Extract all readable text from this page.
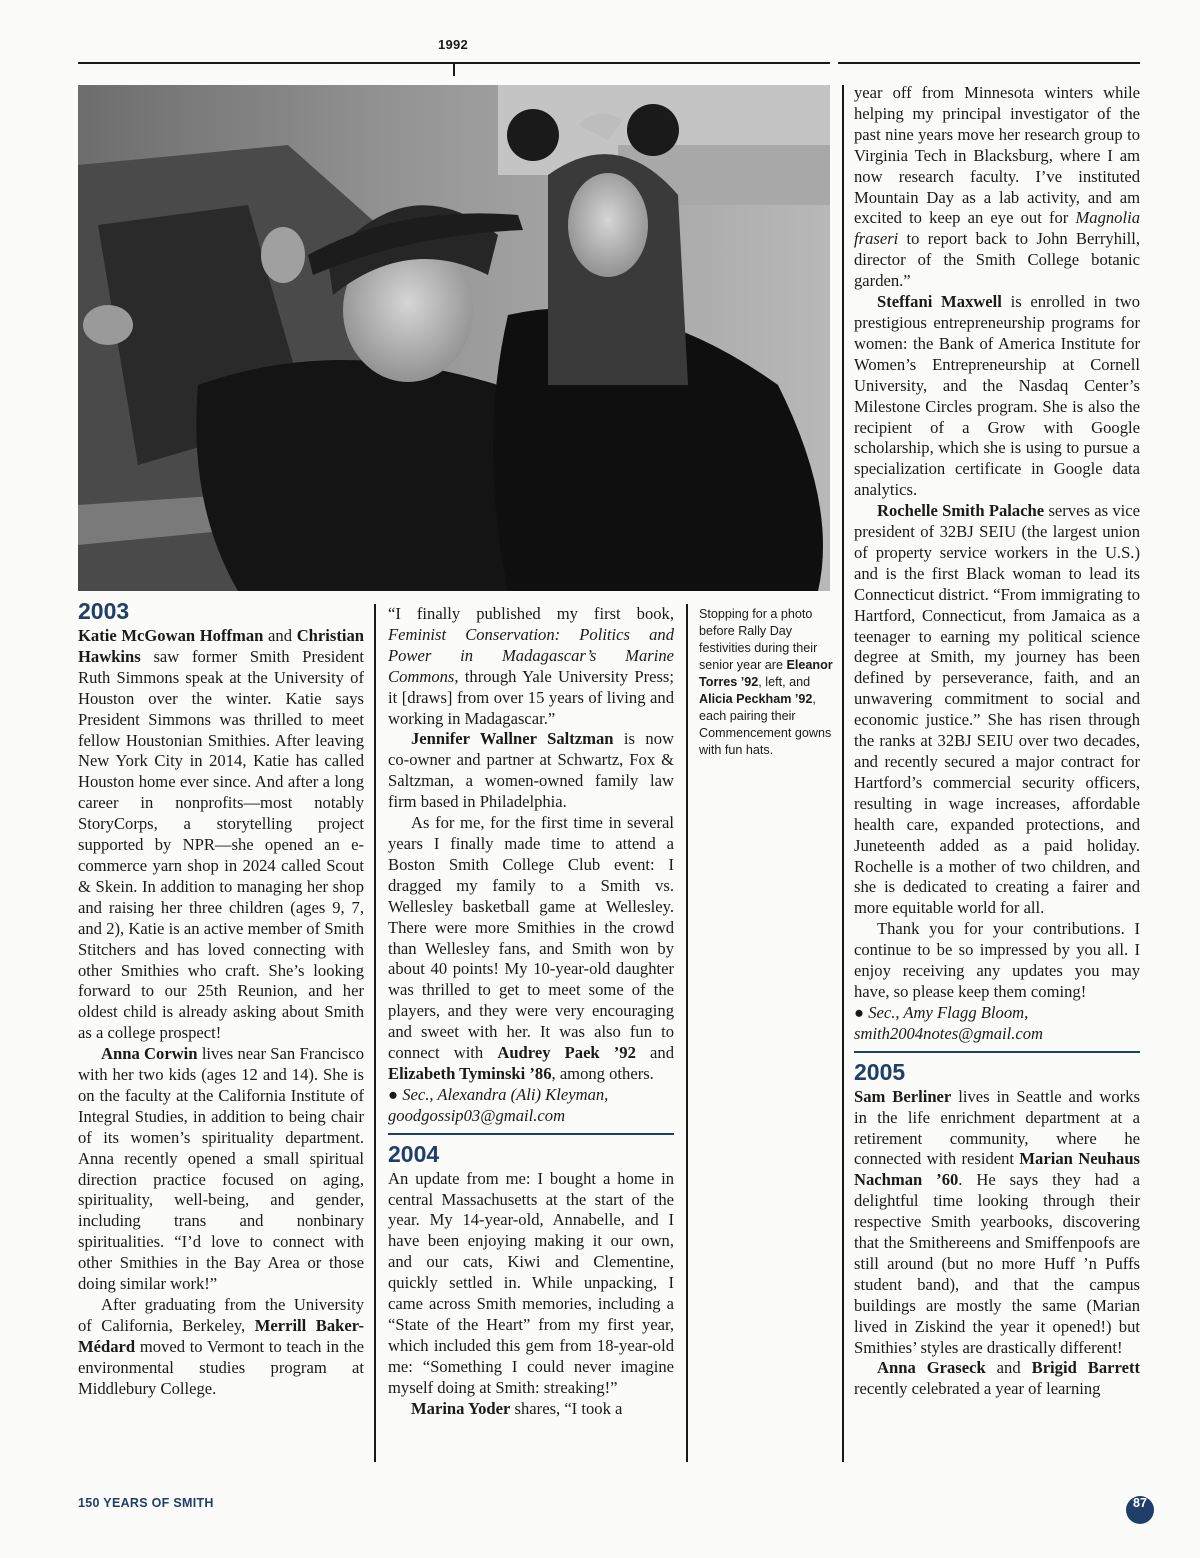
1992
2003

Katie McGowan Hoffman and Christian Hawkins saw former Smith President Ruth Simmons speak at the University of Houston over the winter. Katie says President Simmons was thrilled to meet fellow Houstonian Smithies. After leaving New York City in 2014, Katie has called Houston home ever since. And after a long career in nonprofits—most notably StoryCorps, a storytelling project supported by NPR—she opened an e-commerce yarn shop in 2024 called Scout & Skein. In addition to managing her shop and raising her three children (ages 9, 7, and 2), Katie is an active member of Smith Stitchers and has loved connecting with other Smithies who craft. She’s looking forward to our 25th Reunion, and her oldest child is already asking about Smith as a college prospect!

Anna Corwin lives near San Francisco with her two kids (ages 12 and 14). She is on the faculty at the California Institute of Integral Studies, in addition to being chair of its women’s spirituality department. Anna recently opened a small spiritual direction practice focused on aging, spirituality, well-being, and gender, including trans and nonbinary spiritualities. “I’d love to connect with other Smithies in the Bay Area or those doing similar work!”

After graduating from the University of California, Berkeley, Merrill Baker-Médard moved to Vermont to teach in the environmental studies program at Middlebury College.

“I finally published my first book, Feminist Conservation: Politics and Power in Madagascar’s Marine Commons, through Yale University Press; it [draws] from over 15 years of living and working in Madagascar.”

Jennifer Wallner Saltzman is now co-owner and partner at Schwartz, Fox & Saltzman, a women-owned family law firm based in Philadelphia.

As for me, for the first time in several years I finally made time to attend a Boston Smith College Club event: I dragged my family to a Smith vs. Wellesley basketball game at Wellesley. There were more Smithies in the crowd than Wellesley fans, and Smith won by about 40 points! My 10-year-old daughter was thrilled to get to meet some of the players, and they were very encouraging and sweet with her. It was also fun to connect with Audrey Paek ’92 and Elizabeth Tyminski ’86, among others.

● Sec., Alexandra (Ali) Kleyman,
goodgossip03@gmail.com

2004

An update from me: I bought a home in central Massachusetts at the start of the year. My 14-year-old, Annabelle, and I have been enjoying making it our own, and our cats, Kiwi and Clementine, quickly settled in. While unpacking, I came across Smith memories, including a “State of the Heart” from my first year, which included this gem from 18-year-old me: “Something I could never imagine myself doing at Smith: streaking!”

Marina Yoder shares, “I took a

Stopping for a photo before Rally Day festivities during their senior year are Eleanor Torres ’92, left, and Alicia Peckham ’92, each pairing their Commencement gowns with fun hats.

year off from Minnesota winters while helping my principal investigator of the past nine years move her research group to Virginia Tech in Blacksburg, where I am now research faculty. I’ve instituted Mountain Day as a lab activity, and am excited to keep an eye out for Magnolia fraseri to report back to John Berryhill, director of the Smith College botanic garden.”

Steffani Maxwell is enrolled in two prestigious entrepreneurship programs for women: the Bank of America Institute for Women’s Entrepreneurship at Cornell University, and the Nasdaq Center’s Milestone Circles program. She is also the recipient of a Grow with Google scholarship, which she is using to pursue a specialization certificate in Google data analytics.

Rochelle Smith Palache serves as vice president of 32BJ SEIU (the largest union of property service workers in the U.S.) and is the first Black woman to lead its Connecticut district. “From immigrating to Hartford, Connecticut, from Jamaica as a teenager to earning my political science degree at Smith, my journey has been defined by perseverance, faith, and an unwavering commitment to social and economic justice.” She has risen through the ranks at 32BJ SEIU over two decades, and recently secured a major contract for Hartford’s commercial security officers, resulting in wage increases, affordable health care, expanded protections, and Juneteenth added as a paid holiday. Rochelle is a mother of two children, and she is dedicated to creating a fairer and more equitable world for all.

Thank you for your contributions. I continue to be so impressed by you all. I enjoy receiving any updates you may have, so please keep them coming!

● Sec., Amy Flagg Bloom,
smith2004notes@gmail.com

2005

Sam Berliner lives in Seattle and works in the life enrichment department at a retirement community, where he connected with resident Marian Neuhaus Nachman ’60. He says they had a delightful time looking through their respective Smith yearbooks, discovering that the Smithereens and Smiffenpoofs are still around (but no more Huff ’n Puffs student band), and that the campus buildings are mostly the same (Marian lived in Ziskind the year it opened!) but Smithies’ styles are drastically different!

Anna Graseck and Brigid Barrett recently celebrated a year of learning

150 YEARS OF SMITH	87
